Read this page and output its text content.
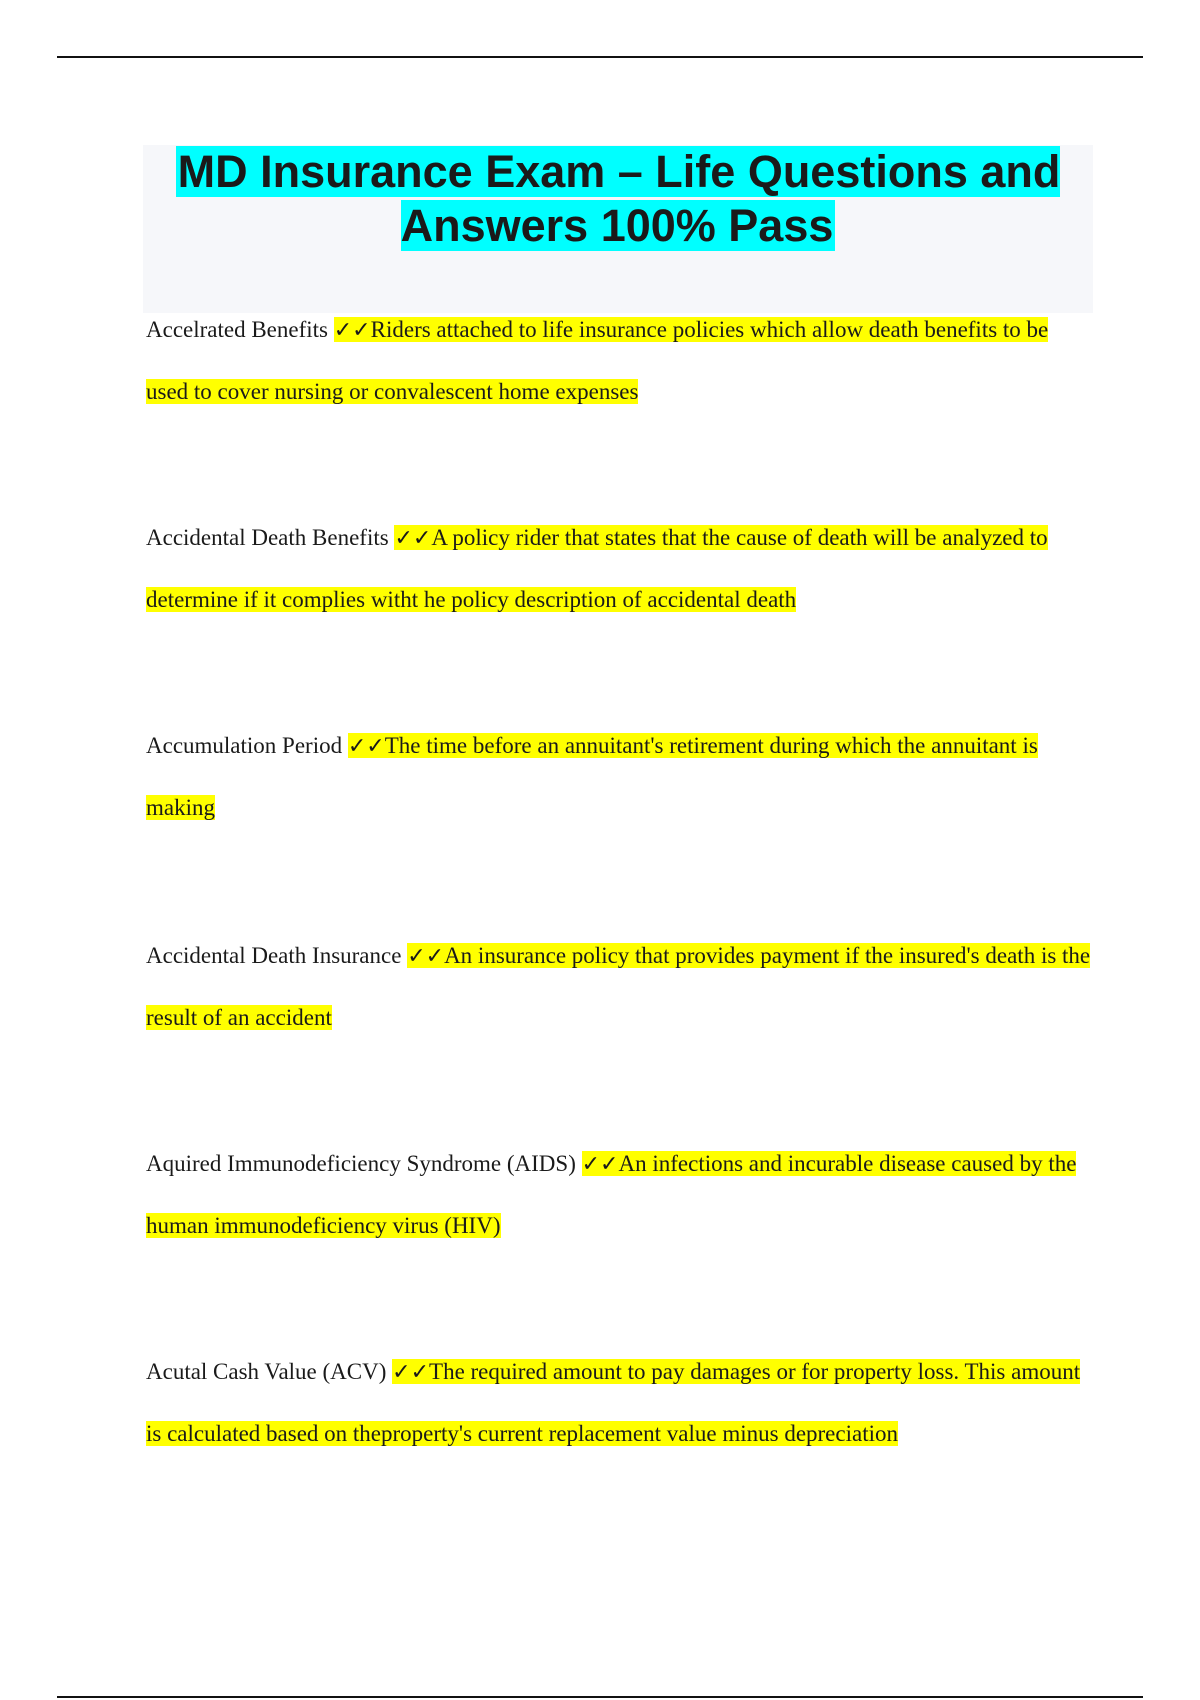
MD Insurance Exam – Life Questions and Answers 100% Pass

Accelrated Benefits ✓✓Riders attached to life insurance policies which allow death benefits to be used to cover nursing or convalescent home expenses

Accidental Death Benefits ✓✓A policy rider that states that the cause of death will be analyzed to determine if it complies witht he policy description of accidental death

Accumulation Period ✓✓The time before an annuitant's retirement during which the annuitant is making

Accidental Death Insurance ✓✓An insurance policy that provides payment if the insured's death is the result of an accident

Aquired Immunodeficiency Syndrome (AIDS) ✓✓An infections and incurable disease caused by the human immunodeficiency virus (HIV)

Acutal Cash Value (ACV) ✓✓The required amount to pay damages or for property loss. This amount is calculated based on theproperty's current replacement value minus depreciation
